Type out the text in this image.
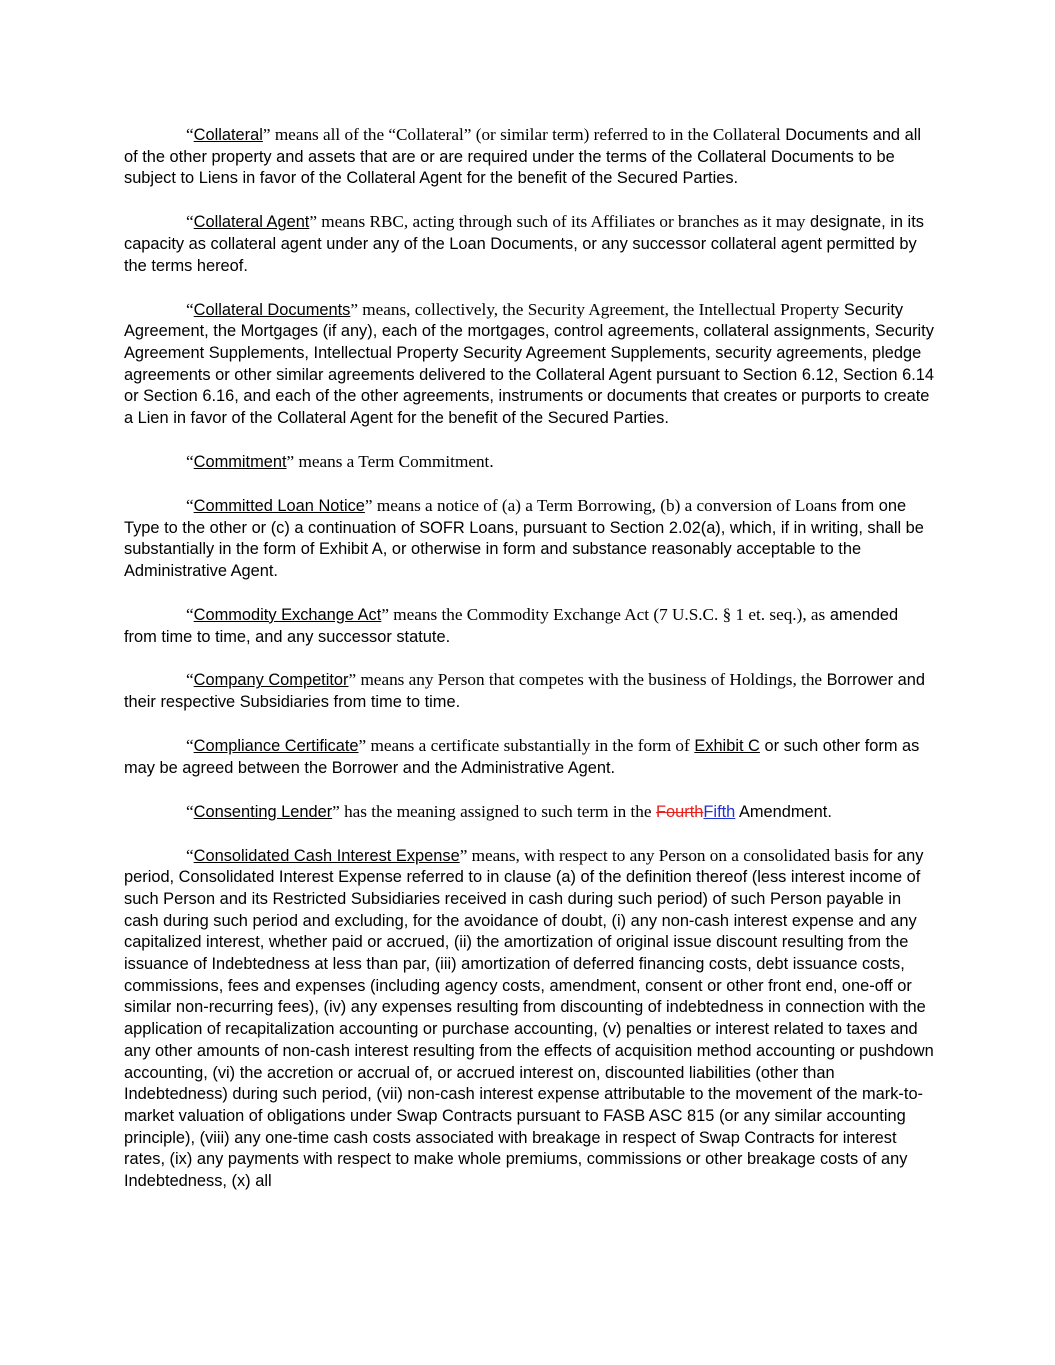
“Collateral” means all of the “Collateral” (or similar term) referred to in the Collateral Documents and all of the other property and assets that are or are required under the terms of the Collateral Documents to be subject to Liens in favor of the Collateral Agent for the benefit of the Secured Parties.

“Collateral Agent” means RBC, acting through such of its Affiliates or branches as it may designate, in its capacity as collateral agent under any of the Loan Documents, or any successor collateral agent permitted by the terms hereof.

“Collateral Documents” means, collectively, the Security Agreement, the Intellectual Property Security Agreement, the Mortgages (if any), each of the mortgages, control agreements, collateral assignments, Security Agreement Supplements, Intellectual Property Security Agreement Supplements, security agreements, pledge agreements or other similar agreements delivered to the Collateral Agent pursuant to Section 6.12, Section 6.14 or Section 6.16, and each of the other agreements, instruments or documents that creates or purports to create a Lien in favor of the Collateral Agent for the benefit of the Secured Parties.

“Commitment” means a Term Commitment.

“Committed Loan Notice” means a notice of (a) a Term Borrowing, (b) a conversion of Loans from one Type to the other or (c) a continuation of SOFR Loans, pursuant to Section 2.02(a), which, if in writing, shall be substantially in the form of Exhibit A, or otherwise in form and substance reasonably acceptable to the Administrative Agent.

“Commodity Exchange Act” means the Commodity Exchange Act (7 U.S.C. § 1 et. seq.), as amended from time to time, and any successor statute.

“Company Competitor” means any Person that competes with the business of Holdings, the Borrower and their respective Subsidiaries from time to time.

“Compliance Certificate” means a certificate substantially in the form of Exhibit C or such other form as may be agreed between the Borrower and the Administrative Agent.

“Consenting Lender” has the meaning assigned to such term in the FourthFifth Amendment.

“Consolidated Cash Interest Expense” means, with respect to any Person on a consolidated basis for any period, Consolidated Interest Expense referred to in clause (a) of the definition thereof (less interest income of such Person and its Restricted Subsidiaries received in cash during such period) of such Person payable in cash during such period and excluding, for the avoidance of doubt, (i) any non-cash interest expense and any capitalized interest, whether paid or accrued, (ii) the amortization of original issue discount resulting from the issuance of Indebtedness at less than par, (iii) amortization of deferred financing costs, debt issuance costs, commissions, fees and expenses (including agency costs, amendment, consent or other front end, one-off or similar non-recurring fees), (iv) any expenses resulting from discounting of indebtedness in connection with the application of recapitalization accounting or purchase accounting, (v) penalties or interest related to taxes and any other amounts of non-cash interest resulting from the effects of acquisition method accounting or pushdown accounting, (vi) the accretion or accrual of, or accrued interest on, discounted liabilities (other than Indebtedness) during such period, (vii) non-cash interest expense attributable to the movement of the mark-to-market valuation of obligations under Swap Contracts pursuant to FASB ASC 815 (or any similar accounting principle), (viii) any one-time cash costs associated with breakage in respect of Swap Contracts for interest rates, (ix) any payments with respect to make whole premiums, commissions or other breakage costs of any Indebtedness, (x) all
